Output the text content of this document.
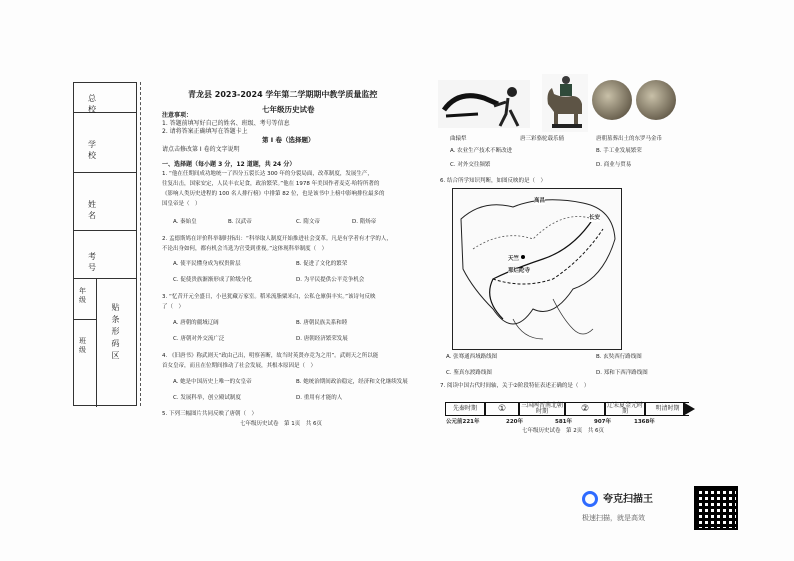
总 校
学 校
姓 名
考 号
年级
班级	贴条形码区
青龙县 2023-2024 学年第二学期期中教学质量监控
七年级历史试卷
注意事项：
1. 答题前填写好自己的姓名、班级、考号等信息
2. 请将答案正确填写在答题卡上
第 I 卷（选择题）
请点击修改第 I 卷的文字说明
一、选择题（每小题 3 分，12 道题，共 24 分）
1. “他在任期间成功地统一了四分五裂长达 300 年的分裂局面，改革制度，发展生产，
往复出击，国家安定，人民丰衣足食，政治繁荣。”他在 1978 年美国作者麦克·哈特所著的
《影响人类历史进程的 100 名人排行榜》中排第 82 位，也是该书中上榜中影响排位最多的
国皇帝是（　）
A. 秦始皇	B. 汉武帝	C. 隋文帝	D. 隋炀帝
2. 孟德斯鸠在评价科举制时指出：“科举取人制度开始推进社会变革。凡是有学者有才学的人，
不论出身如何，都有机会当选为官受到重视。”这体现科举制度（　）
A. 使平民懂身成为权贵阶层	B. 促进了文化的繁荣
C. 促使贵族渐渐形成了阶级分化	D. 为平民提供公平竞争机会
3. “忆昔开元全盛日，小邑犹藏万家室。稻米流脂粟米白，公私仓廪俱丰实。”该诗句反映
了（　）
A. 唐朝的疆域辽阔	B. 唐朝民族关系和睦
C. 唐朝对外交流广泛	D. 唐朝经济繁荣发展
4. 《旧唐书》称武则天“政由己出，明察善断，故当时英贤亦竞为之用”。武则天之所以能
首女皇帝，而且在位期间推动了社会发展，其根本原因是（　）
A. 她是中国历史上唯一的女皇帝	B. 她统治期间政治稳定，经济和文化继续发展
C. 发展科举，创立殿试制度	D. 重用有才能的人
5. 下列三幅图片共同反映了唐朝（　）
七年级历史试卷　第 1页　共 6页
曲辕犁	唐三彩骆驼载乐俑	唐朝墓葬出土的东罗马金币
A. 农业生产技术不断改进	B. 手工业发展繁荣
C. 对外交往频繁	D. 商业与贸易
6. 结合所学知识判断，如图反映的是（　）
长安
天竺
那烂陀寺
高昌
A. 张骞通西域路线图	B. 玄奘西行路线图
C. 鉴真东渡路线图	D. 郑和下西洋路线图
7. 阅读中国古代时间轴，关于②阶段特征表述正确的是（　）
先秦时期 ① 三国两晋南北朝时期	②	辽宋夏金元时期	明清时期
公元前221年	220年	581年	907年	1368年
七年级历史试卷　第 2页　共 6页
夸克扫描王
极速扫描，就是高效
